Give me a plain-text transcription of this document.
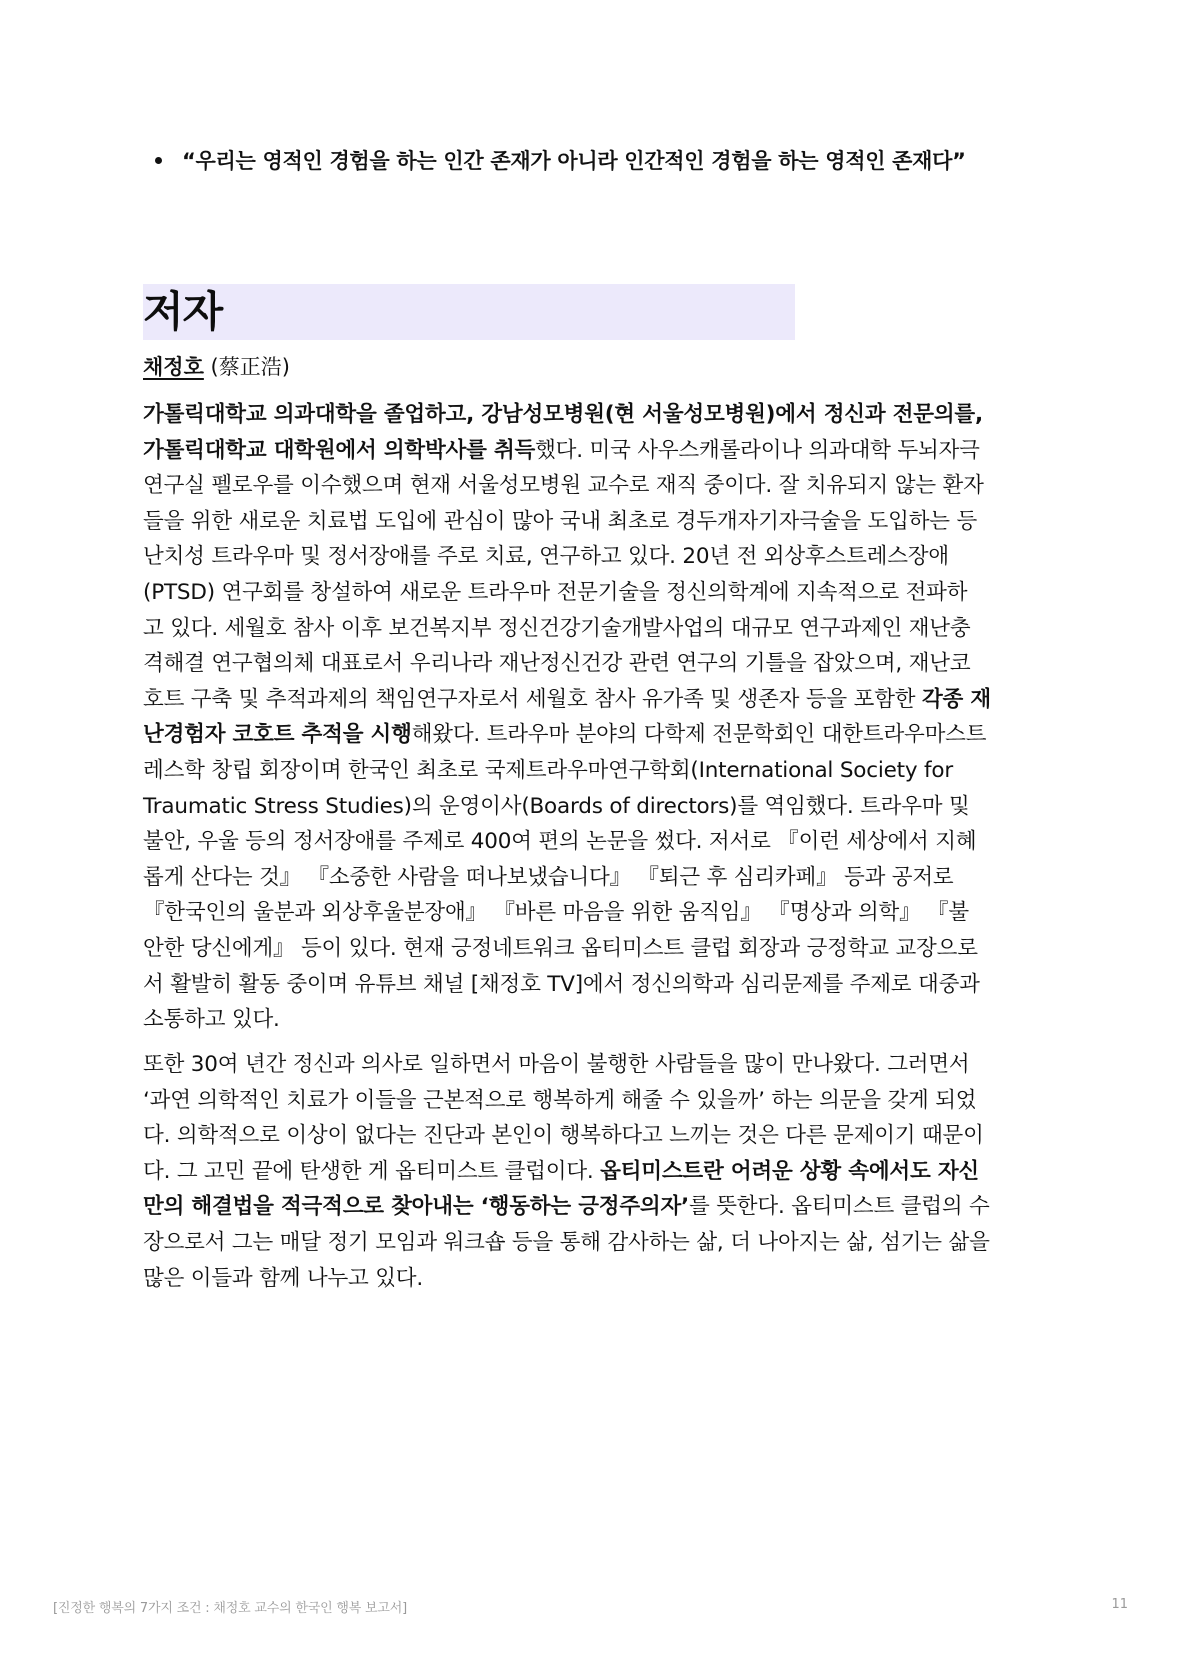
“우리는 영적인 경험을 하는 인간 존재가 아니라 인간적인 경험을 하는 영적인 존재다”
저자
채정호 (蔡正浩)
가톨릭대학교 의과대학을 졸업하고, 강남성모병원(현 서울성모병원)에서 정신과 전문의를,
가톨릭대학교 대학원에서 의학박사를 취득했다. 미국 사우스캐롤라이나 의과대학 두뇌자극
연구실 펠로우를 이수했으며 현재 서울성모병원 교수로 재직 중이다. 잘 치유되지 않는 환자
들을 위한 새로운 치료법 도입에 관심이 많아 국내 최초로 경두개자기자극술을 도입하는 등
난치성 트라우마 및 정서장애를 주로 치료, 연구하고 있다. 20년 전 외상후스트레스장애
(PTSD) 연구회를 창설하여 새로운 트라우마 전문기술을 정신의학계에 지속적으로 전파하
고 있다. 세월호 참사 이후 보건복지부 정신건강기술개발사업의 대규모 연구과제인 재난충
격해결 연구협의체 대표로서 우리나라 재난정신건강 관련 연구의 기틀을 잡았으며, 재난코
호트 구축 및 추적과제의 책임연구자로서 세월호 참사 유가족 및 생존자 등을 포함한 각종 재
난경험자 코호트 추적을 시행해왔다. 트라우마 분야의 다학제 전문학회인 대한트라우마스트
레스학 창립 회장이며 한국인 최초로 국제트라우마연구학회(International Society for
Traumatic Stress Studies)의 운영이사(Boards of directors)를 역임했다. 트라우마 및
불안, 우울 등의 정서장애를 주제로 400여 편의 논문을 썼다. 저서로 『이런 세상에서 지혜
롭게 산다는 것』 『소중한 사람을 떠나보냈습니다』 『퇴근 후 심리카페』 등과 공저로
『한국인의 울분과 외상후울분장애』 『바른 마음을 위한 움직임』 『명상과 의학』 『불
안한 당신에게』 등이 있다. 현재 긍정네트워크 옵티미스트 클럽 회장과 긍정학교 교장으로
서 활발히 활동 중이며 유튜브 채널 [채정호 TV]에서 정신의학과 심리문제를 주제로 대중과
소통하고 있다.
또한 30여 년간 정신과 의사로 일하면서 마음이 불행한 사람들을 많이 만나왔다. 그러면서
‘과연 의학적인 치료가 이들을 근본적으로 행복하게 해줄 수 있을까’ 하는 의문을 갖게 되었
다. 의학적으로 이상이 없다는 진단과 본인이 행복하다고 느끼는 것은 다른 문제이기 때문이
다. 그 고민 끝에 탄생한 게 옵티미스트 클럽이다. 옵티미스트란 어려운 상황 속에서도 자신
만의 해결법을 적극적으로 찾아내는 ‘행동하는 긍정주의자’를 뜻한다. 옵티미스트 클럽의 수
장으로서 그는 매달 정기 모임과 워크숍 등을 통해 감사하는 삶, 더 나아지는 삶, 섬기는 삶을
많은 이들과 함께 나누고 있다.
[진정한 행복의 7가지 조건 : 채정호 교수의 한국인 행복 보고서]	11
